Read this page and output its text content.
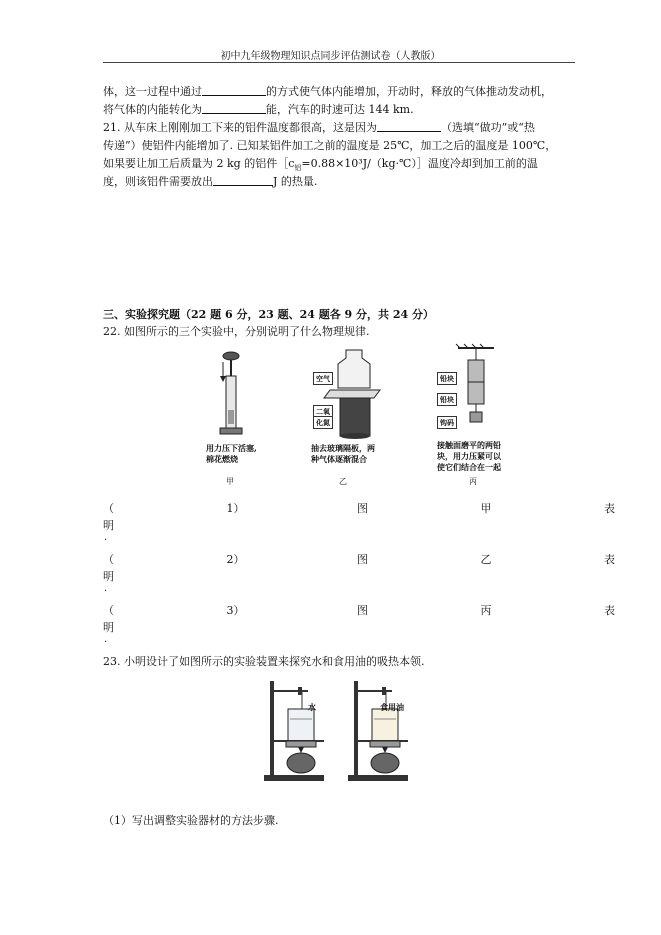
初中九年级物理知识点同步评估测试卷（人教版）
体，这一过程中通过	的方式使气体内能增加，开动时，释放的气体推动发动机，
将气体的内能转化为	能，汽车的时速可达 144 km.
21. 从车床上刚刚加工下来的铝件温度都很高，这是因为	（选填“做功”或“热
传递”）使铝件内能增加了. 已知某铝件加工之前的温度是 25℃，加工之后的温度是 100℃，
如果要让加工后质量为 2 kg 的铝件$[c_铝=0.88\times 10^3J/(kg\cdot℃)]$温度冷却到加工前的温
度，则该铝件需要放出	J 的热量.
三、实验探究题（22 题 6 分，23 题、24 题各 9 分，共 24 分）
22. 如图所示的三个实验中，分别说明了什么物理规律.
用力压下活塞,
棉花燃烧
甲
空气
二氧
化氮
抽去玻璃隔板，两
种气体逐渐混合
乙
铅块
铅块
钩码
接触面磨平的两铅
块，用力压紧可以
使它们结合在一起
丙
（	1）	图	甲	表
明
.
（	2）	图	乙	表
明
.
（	3）	图	丙	表
明
.
23. 小明设计了如图所示的实验装置来探究水和食用油的吸热本领.
水	食用油
（1）写出调整实验器材的方法步骤.
